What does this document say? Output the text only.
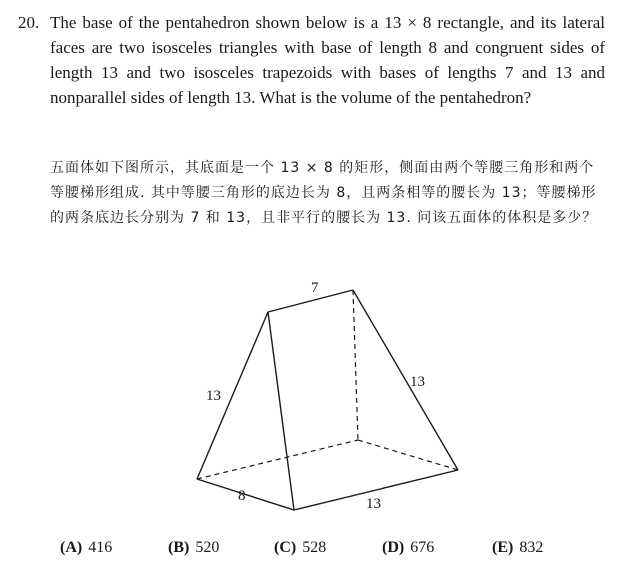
20. The base of the pentahedron shown below is a 13 × 8 rectangle, and its lateral faces are two isosceles triangles with base of length 8 and congruent sides of length 13 and two isosceles trapezoids with bases of lengths 7 and 13 and nonparallel sides of length 13. What is the volume of the pentahedron?
五面体如下图所示，其底面是一个 13 × 8 的矩形，侧面由两个等腰三角形和两个等腰梯形组成. 其中等腰三角形的底边长为 8，且两条相等的腰长为 13；等腰梯形的两条底边长分别为 7 和 13，且非平行的腰长为 13. 问该五面体的体积是多少？
7
13
13
8	13
(A) 416	(B) 520	(C) 528	(D) 676	(E) 832
